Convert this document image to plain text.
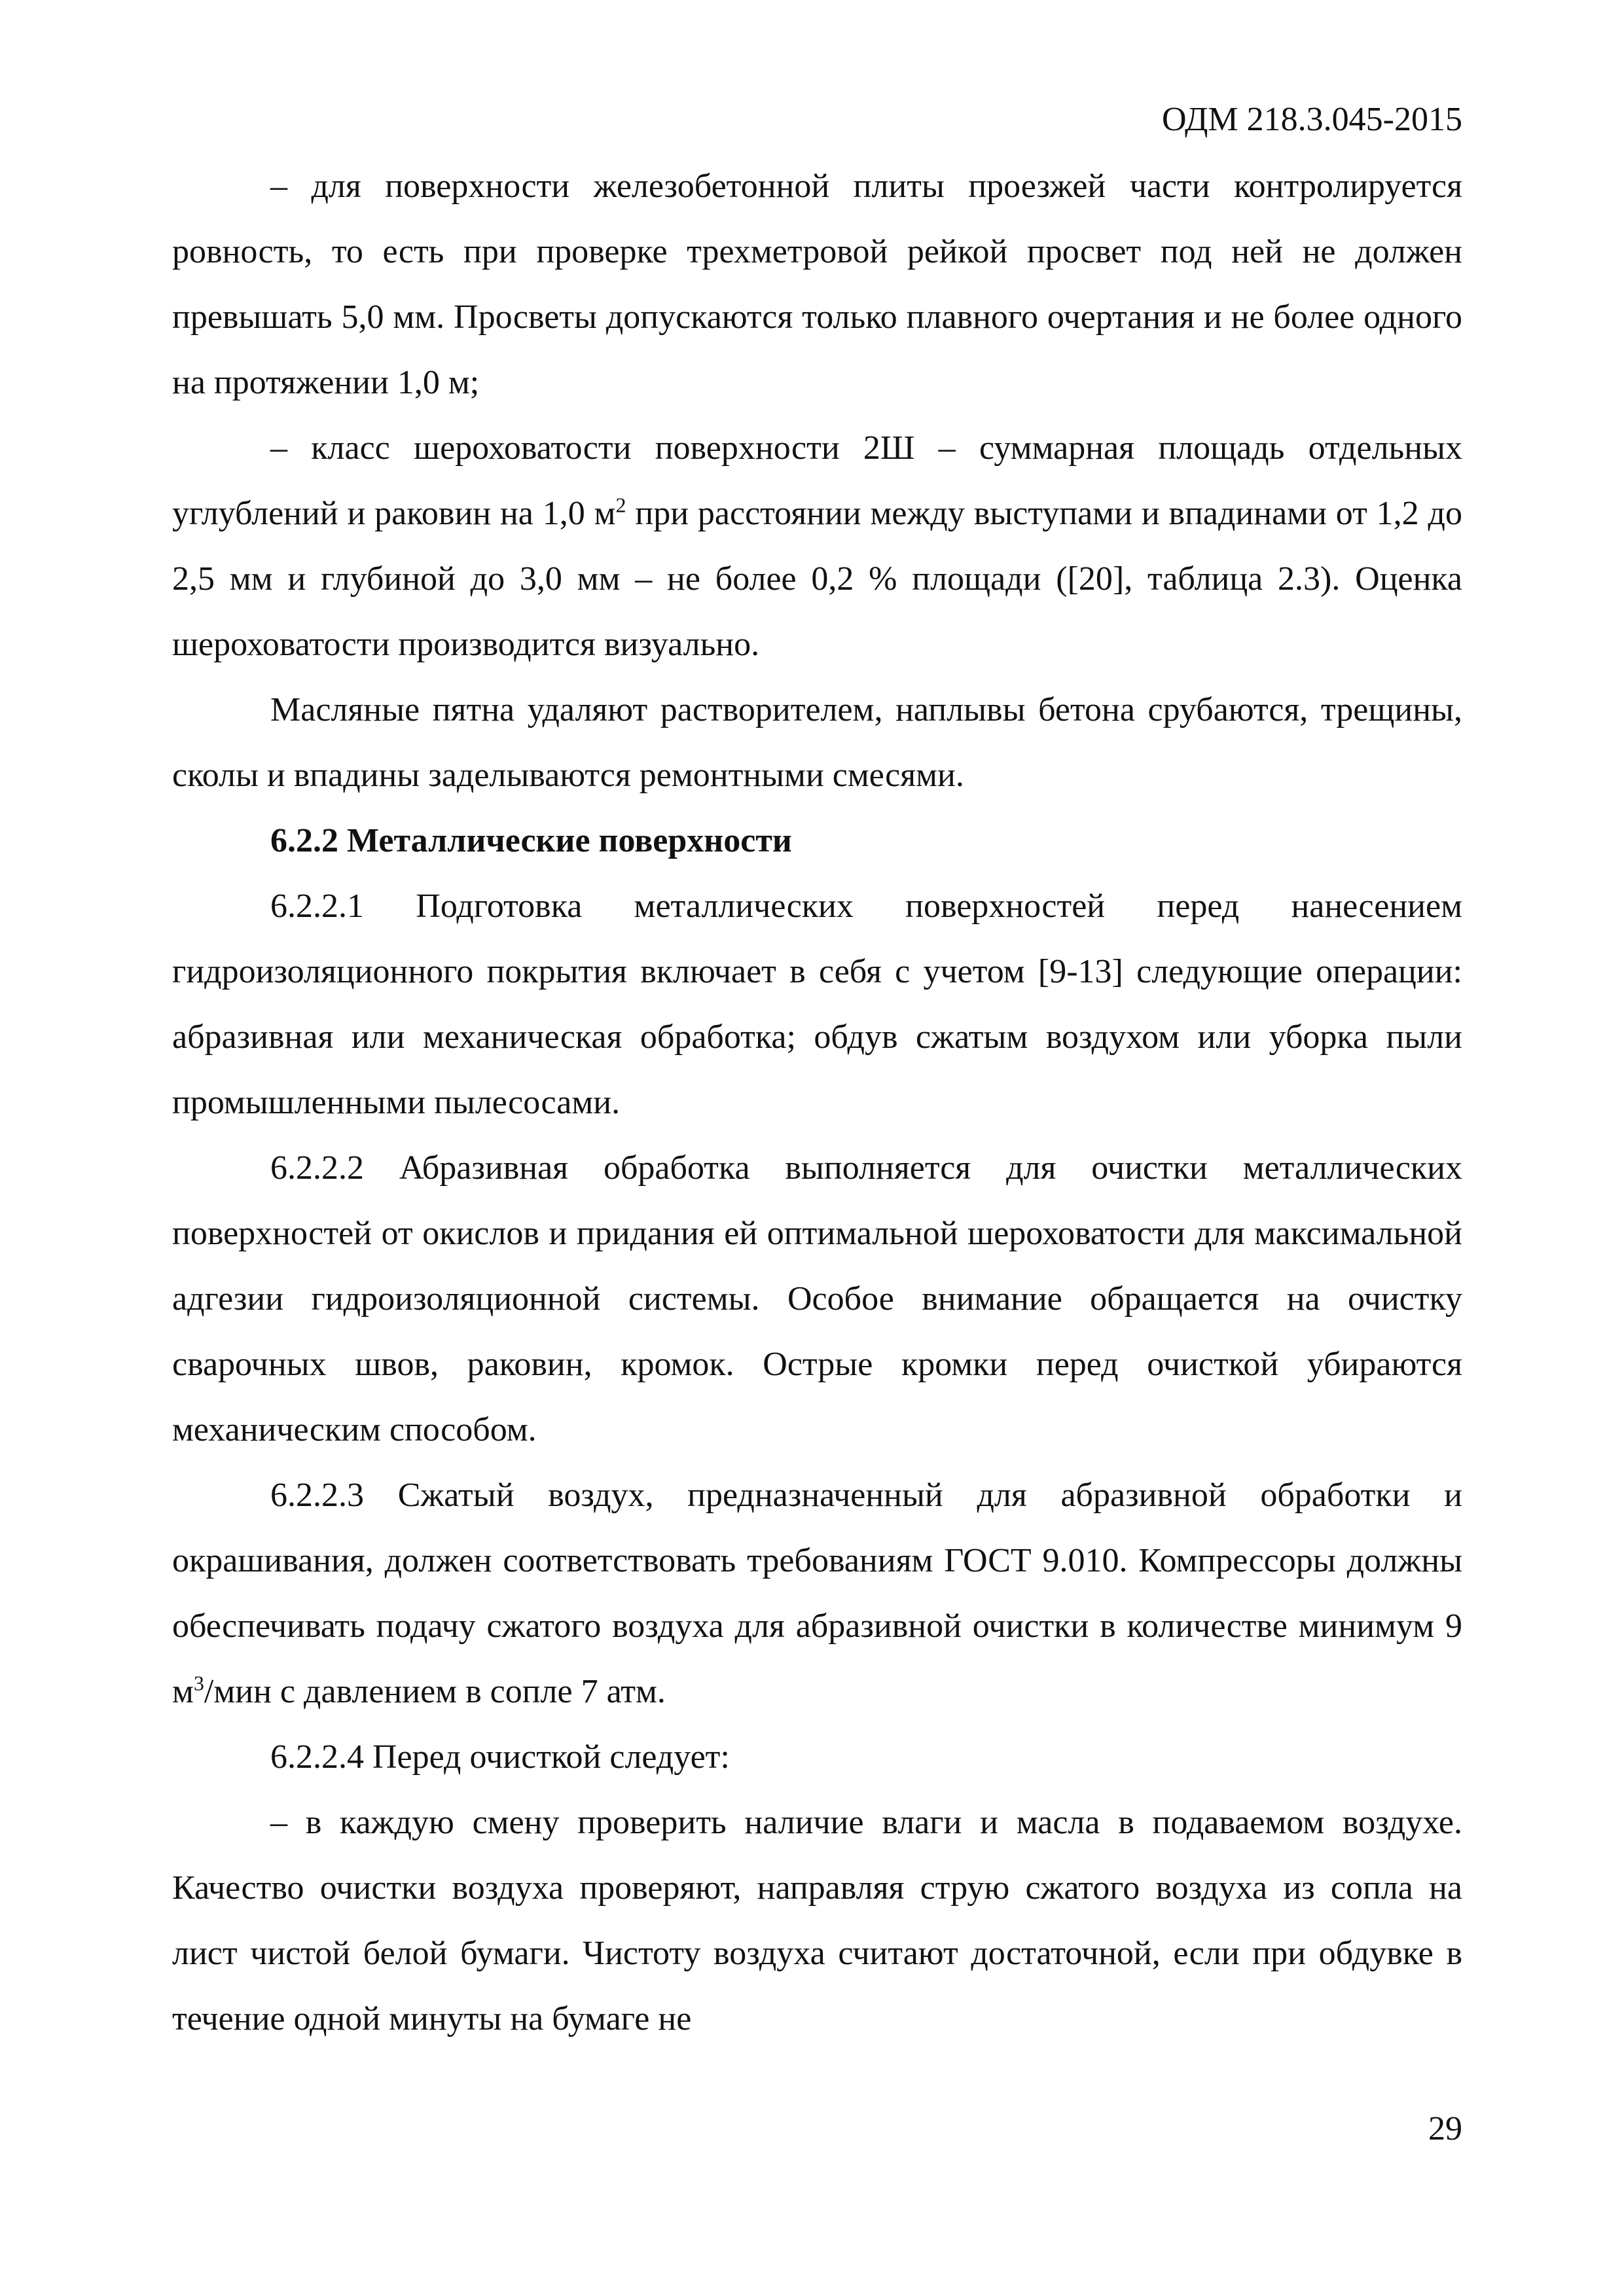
ОДМ 218.3.045-2015

– для поверхности железобетонной плиты проезжей части контролируется ровность, то есть при проверке трехметровой рейкой просвет под ней не должен превышать 5,0 мм. Просветы допускаются только плавного очертания и не более одного на протяжении 1,0 м;

– класс шероховатости поверхности 2Ш – суммарная площадь отдельных углублений и раковин на 1,0 $м^2$ при расстоянии между выступами и впадинами от 1,2 до 2,5 мм и глубиной до 3,0 мм – не более 0,2 % площади ([20], таблица 2.3). Оценка шероховатости производится визуально.

Масляные пятна удаляют растворителем, наплывы бетона срубаются, трещины, сколы и впадины заделываются ремонтными смесями.

6.2.2 Металлические поверхности

6.2.2.1 Подготовка металлических поверхностей перед нанесением гидроизоляционного покрытия включает в себя с учетом [9-13] следующие операции: абразивная или механическая обработка; обдув сжатым воздухом или уборка пыли промышленными пылесосами.

6.2.2.2 Абразивная обработка выполняется для очистки металлических поверхностей от окислов и придания ей оптимальной шероховатости для максимальной адгезии гидроизоляционной системы. Особое внимание обращается на очистку сварочных швов, раковин, кромок. Острые кромки перед очисткой убираются механическим способом.

6.2.2.3 Сжатый воздух, предназначенный для абразивной обработки и окрашивания, должен соответствовать требованиям ГОСТ 9.010. Компрессоры должны обеспечивать подачу сжатого воздуха для абразивной очистки в количестве минимум 9 $м^3$/мин с давлением в сопле 7 атм.

6.2.2.4 Перед очисткой следует:

– в каждую смену проверить наличие влаги и масла в подаваемом воздухе. Качество очистки воздуха проверяют, направляя струю сжатого воздуха из сопла на лист чистой белой бумаги. Чистоту воздуха считают достаточной, если при обдувке в течение одной минуты на бумаге не

29
